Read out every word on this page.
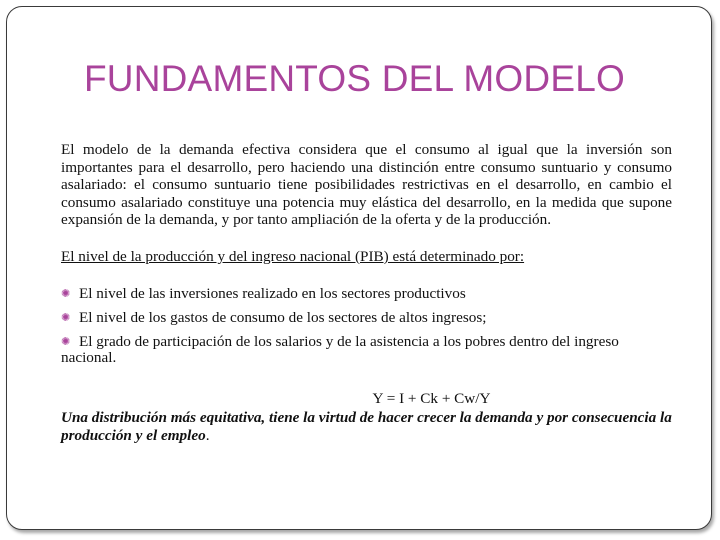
FUNDAMENTOS DEL MODELO

El modelo de la demanda efectiva considera que el consumo al igual que la inversión son importantes para el desarrollo, pero haciendo una distinción entre consumo suntuario y consumo asalariado: el consumo suntuario tiene posibilidades restrictivas en el desarrollo, en cambio el consumo asalariado constituye una potencia muy elástica del desarrollo, en la medida que supone expansión de la demanda, y por tanto ampliación de la oferta y de la producción.

El nivel de la producción y del ingreso nacional (PIB) está determinado por:

✺ El nivel de las inversiones realizado en los sectores productivos
✺ El nivel de los gastos de consumo de los sectores de altos ingresos;
✺ El grado de participación de los salarios y de la asistencia a los pobres dentro del ingreso nacional.

Y = I + Ck + Cw/Y

Una distribución más equitativa, tiene la virtud de hacer crecer la demanda y por consecuencia la producción y el empleo.
